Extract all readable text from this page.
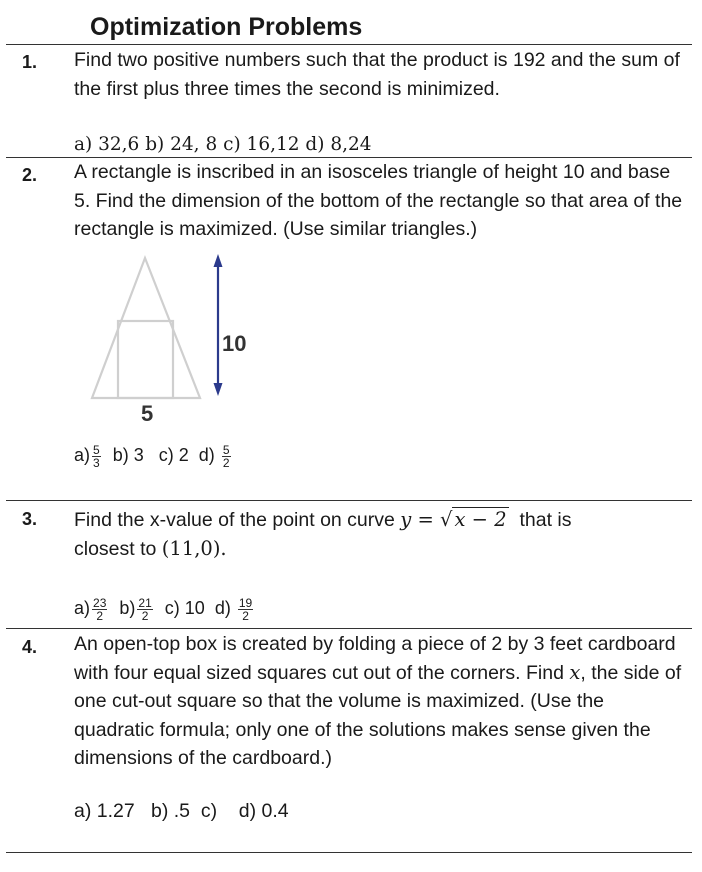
Optimization Problems
1. Find two positive numbers such that the product is 192 and the sum of the first plus three times the second is minimized.
a) 32,6 b) 24, 8 c) 16,12 d) 8,24
2. A rectangle is inscribed in an isosceles triangle of height 10 and base 5. Find the dimension of the bottom of the rectangle so that area of the rectangle is maximized. (Use similar triangles.)
10
5
$a) \frac{5}{3} b$) 3 c) 2 $d) \frac{5}{2}$
3. Find the x-value of the point on curve y = √ x − 2 that is
closest to (11,0).
$a) \frac{23}{2} b) \frac{21}{2} c$) 10 $d) \frac{19}{2}$
4. An open-top box is created by folding a piece of 2 by 3 feet cardboard with four equal sized squares cut out of the corners. Find x, the side of one cut-out square so that the volume is maximized. (Use the quadratic formula; only one of the solutions makes sense given the dimensions of the cardboard.)
a) 1.27 b) .5 c) d) 0.4
